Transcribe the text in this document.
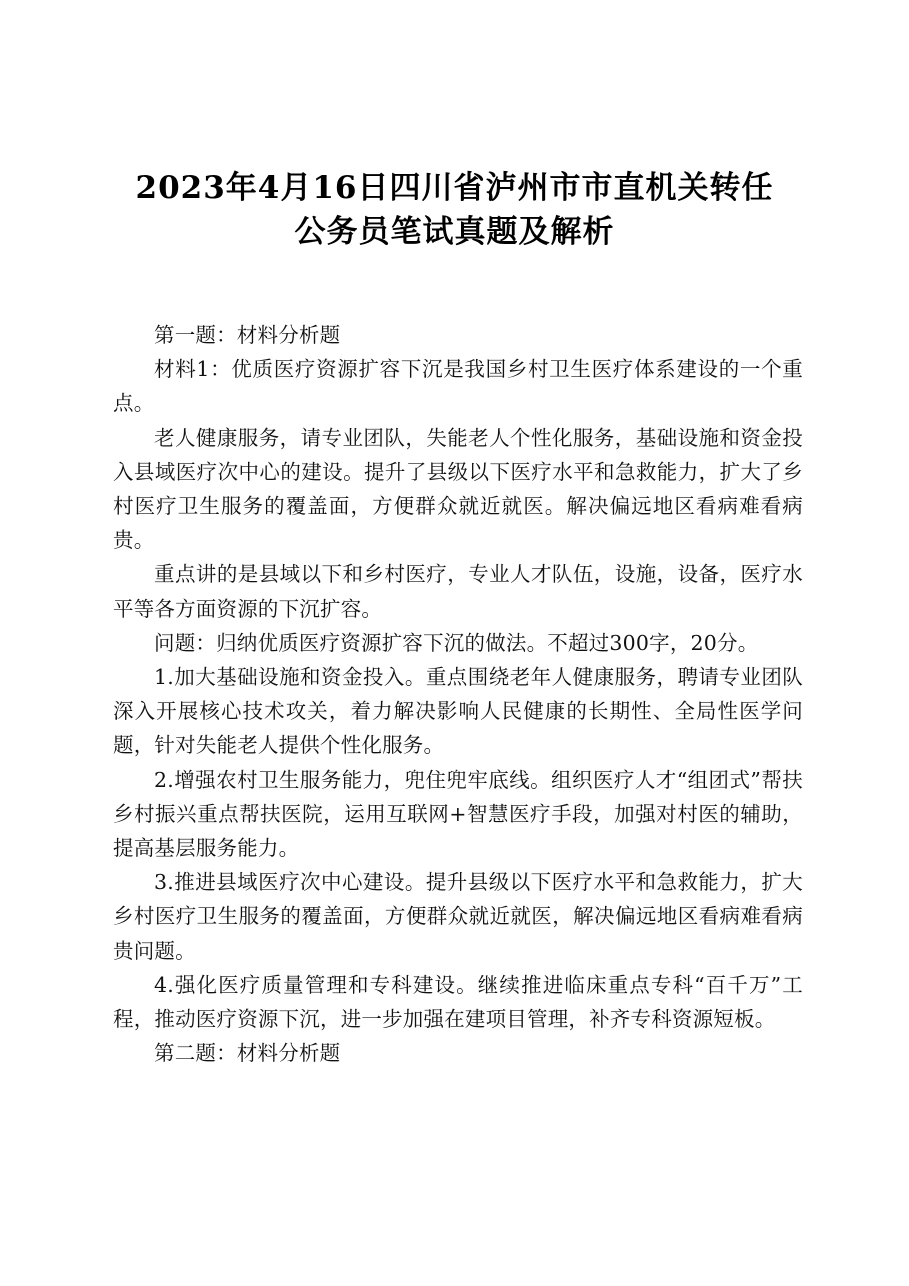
2023年4月16日四川省泸州市市直机关转任
公务员笔试真题及解析

第一题：材料分析题

材料1：优质医疗资源扩容下沉是我国乡村卫生医疗体系建设的一个重点。

老人健康服务，请专业团队，失能老人个性化服务，基础设施和资金投入县域医疗次中心的建设。提升了县级以下医疗水平和急救能力，扩大了乡村医疗卫生服务的覆盖面，方便群众就近就医。解决偏远地区看病难看病贵。

重点讲的是县域以下和乡村医疗，专业人才队伍，设施，设备，医疗水平等各方面资源的下沉扩容。

问题：归纳优质医疗资源扩容下沉的做法。不超过300字，20分。

1.加大基础设施和资金投入。重点围绕老年人健康服务，聘请专业团队深入开展核心技术攻关，着力解决影响人民健康的长期性、全局性医学问题，针对失能老人提供个性化服务。

2.增强农村卫生服务能力，兜住兜牢底线。组织医疗人才“组团式”帮扶乡村振兴重点帮扶医院，运用互联网+智慧医疗手段，加强对村医的辅助，提高基层服务能力。

3.推进县域医疗次中心建设。提升县级以下医疗水平和急救能力，扩大乡村医疗卫生服务的覆盖面，方便群众就近就医，解决偏远地区看病难看病贵问题。

4.强化医疗质量管理和专科建设。继续推进临床重点专科“百千万”工程，推动医疗资源下沉，进一步加强在建项目管理，补齐专科资源短板。

第二题：材料分析题
